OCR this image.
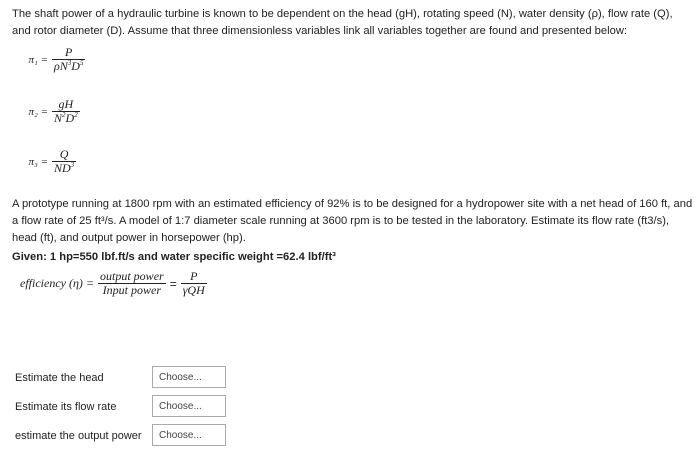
The shaft power of a hydraulic turbine is known to be dependent on the head (gH), rotating speed (N), water density (ρ), flow rate (Q), and rotor diameter (D). Assume that three dimensionless variables link all variables together are found and presented below:
$\pi_1 = \frac{P}{\rho N^3D^5}$
$\pi_2 = \frac{gH}{N^2D^2}$
$\pi_3 = \frac{Q}{ND^3}$
A prototype running at 1800 rpm with an estimated efficiency of 92% is to be designed for a hydropower site with a net head of 160 ft, and a flow rate of 25 ft³/s. A model of 1:7 diameter scale running at 3600 rpm is to be tested in the laboratory. Estimate its flow rate (ft3/s), head (ft), and output power in horsepower (hp).
Given: 1 hp=550 lbf.ft/s and water specific weight =62.4 lbf/ft³
efficiency $(\eta) = \frac{\text{output power}}{\text{Input power}} = \frac{P}{\text{γQH}}$
Estimate the head	Choose...
Estimate its flow rate	Choose...
estimate the output power	Choose...
